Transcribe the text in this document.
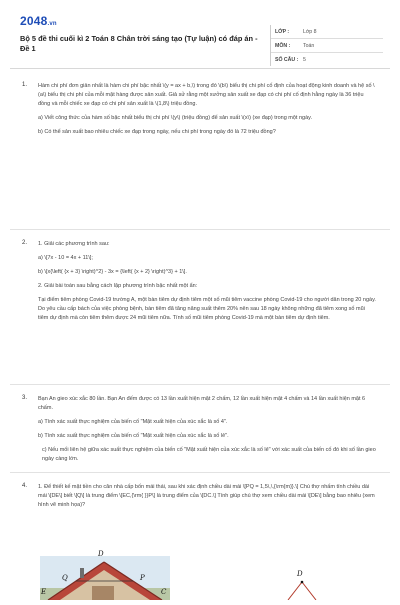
2048.vn
Bộ 5 đề thi cuối kì 2 Toán 8 Chân trời sáng tạo (Tự luận) có đáp án - Đề 1
LỚP :	Lớp 8
MÔN :	Toán
SỐ CÂU : 5
1. Hàm chi phí đơn giản nhất là hàm chi phí bậc nhất \(y = ax + b,\) trong đó \(b\) biểu thị chi phí cố định của hoạt động kinh doanh và hệ số \(a\) biểu thị chi phí của mỗi mặt hàng được sản xuất. Giả sử rằng một xưởng sản xuất xe đạp có chi phí cố định hằng ngày là 36 triệu đồng và mỗi chiếc xe đạp có chi phí sản xuất là \(1,8\) triệu đồng.

a) Viết công thức của hàm số bậc nhất biểu thị chi phí \(y\) (triệu đồng) để sản xuất \(x\) (xe đạp) trong một ngày.

b) Có thể sản xuất bao nhiêu chiếc xe đạp trong ngày, nếu chi phí trong ngày đó là 72 triệu đồng?

2. 1. Giải các phương trình sau:

a) \[7x - 10 = 4x + 11\];

b) \[x{\left( {x + 3} \right)^2} - 3x = {\left( {x + 2} \right)^3} + 1\].

2. Giải bài toán sau bằng cách lập phương trình bậc nhất một ẩn:

Tại điểm tiêm phòng Covid-19 trường A, một bàn tiêm dự định tiêm một số mũi tiêm vaccine phòng Covid-19 cho người dân trong 20 ngày. Do yêu cầu cấp bách của việc phòng bệnh, bàn tiêm đã tăng năng suất thêm 20% nên sau 18 ngày không những đã tiêm xong số mũi tiêm dự định mà còn tiêm thêm được 24 mũi tiêm nữa. Tính số mũi tiêm phòng Covid-19 mà một bàn tiêm dự định tiêm.

3. Bạn An gieo xúc xắc 80 lần. Bạn An đếm được có 13 lần xuất hiện mặt 2 chấm, 12 lần xuất hiện mặt 4 chấm và 14 lần xuất hiện mặt 6 chấm.

a) Tính xác suất thực nghiệm của biến cố "Mặt xuất hiện của xúc xắc là số 4".

b) Tính xác suất thực nghiệm của biến cố "Mặt xuất hiện của xúc xắc là số lẻ".

c) Nếu mối liên hệ giữa xác suất thực nghiệm của biến cố "Mặt xuất hiện của xúc xắc là số lẻ" với xác suất của biến cố đó khi số lần gieo ngày càng lớn.

4. 1. Để thiết kế mặt tiền cho căn nhà cấp bốn mái thái, sau khi xác định chiều dài mái \[PQ = 1,5\,\,{\rm{m}}.\] Chú thợ nhấm tính chiều dài mái \[DE\] biết \[Q\] là trung điểm \[EC,{\rm{ }}P\] là trung điểm của \[DC.\] Tính giúp chú thợ xem chiều dài mái \[DE\] bằng bao nhiêu (xem hình vẽ minh họa)?

D
P
Q
E	C
D
